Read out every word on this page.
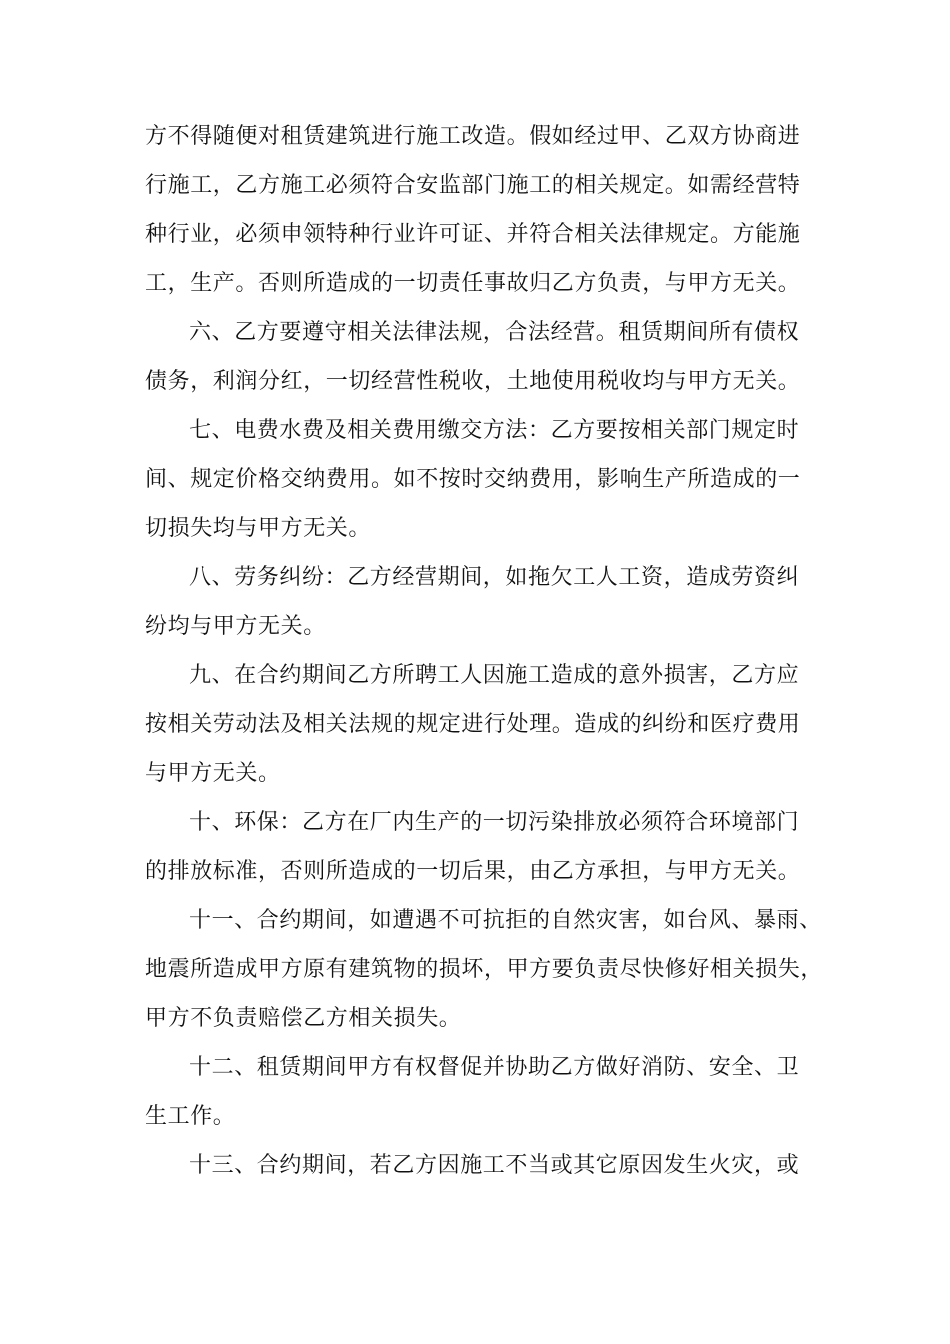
方不得随便对租赁建筑进行施工改造。假如经过甲、乙双方协商进
行施工，乙方施工必须符合安监部门施工的相关规定。如需经营特
种行业，必须申领特种行业许可证、并符合相关法律规定。方能施
工，生产。否则所造成的一切责任事故归乙方负责，与甲方无关。
六、乙方要遵守相关法律法规，合法经营。租赁期间所有债权
债务，利润分红，一切经营性税收，土地使用税收均与甲方无关。
七、电费水费及相关费用缴交方法：乙方要按相关部门规定时
间、规定价格交纳费用。如不按时交纳费用，影响生产所造成的一
切损失均与甲方无关。
八、劳务纠纷：乙方经营期间，如拖欠工人工资，造成劳资纠
纷均与甲方无关。
九、在合约期间乙方所聘工人因施工造成的意外损害，乙方应
按相关劳动法及相关法规的规定进行处理。造成的纠纷和医疗费用
与甲方无关。
十、环保：乙方在厂内生产的一切污染排放必须符合环境部门
的排放标准，否则所造成的一切后果，由乙方承担，与甲方无关。
十一、合约期间，如遭遇不可抗拒的自然灾害，如台风、暴雨、
地震所造成甲方原有建筑物的损坏，甲方要负责尽快修好相关损失，
甲方不负责赔偿乙方相关损失。
十二、租赁期间甲方有权督促并协助乙方做好消防、安全、卫
生工作。
十三、合约期间，若乙方因施工不当或其它原因发生火灾，或
